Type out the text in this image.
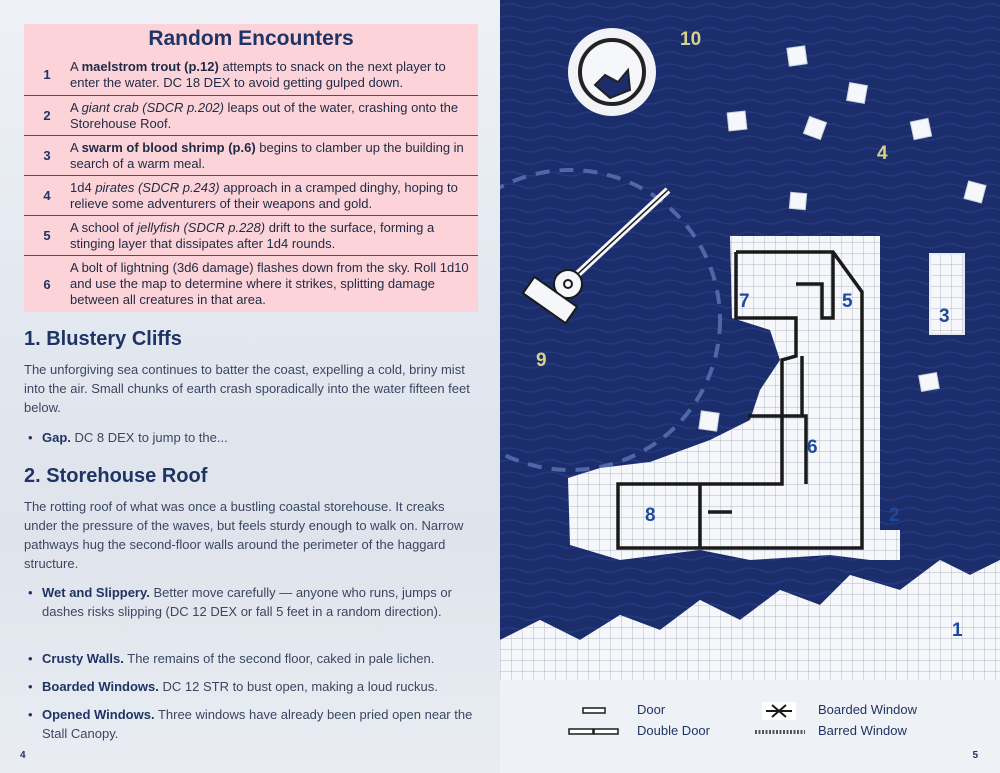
Random Encounters
1
A maelstrom trout (p.12) attempts to snack on the next player to enter the water. DC 18 DEX to avoid getting gulped down.
2
A giant crab (SDCR p.202) leaps out of the water, crashing onto the Storehouse Roof.
3
A swarm of blood shrimp (p.6) begins to clamber up the building in search of a warm meal.
4
1d4 pirates (SDCR p.243) approach in a cramped dinghy, hoping to relieve some adventurers of their weapons and gold.
5
A school of jellyfish (SDCR p.228) drift to the surface, forming a stinging layer that dissipates after 1d4 rounds.
6
A bolt of lightning (3d6 damage) flashes down from the sky. Roll 1d10 and use the map to determine where it strikes, splitting damage between all creatures in that area.
1. Blustery Cliffs
The unforgiving sea continues to batter the coast, expelling a cold, briny mist into the air. Small chunks of earth crash sporadically into the water fifteen feet below.
• Gap. DC 8 DEX to jump to the...
2. Storehouse Roof
The rotting roof of what was once a bustling coastal storehouse. It creaks under the pressure of the waves, but feels sturdy enough to walk on. Narrow pathways hug the second-floor walls around the perimeter of the haggard structure.
• Wet and Slippery. Better move carefully — anyone who runs, jumps or dashes risks slipping (DC 12 DEX or fall 5 feet in a random direction).
• Crusty Walls. The remains of the second floor, caked in pale lichen.
• Boarded Windows. DC 12 STR to bust open, making a loud ruckus.
• Opened Windows. Three windows have already been pried open near the Stall Canopy.
4
10
4
7	5
3
9
6
8	2
1
Door
Double Door
Boarded Window
Barred Window
5
